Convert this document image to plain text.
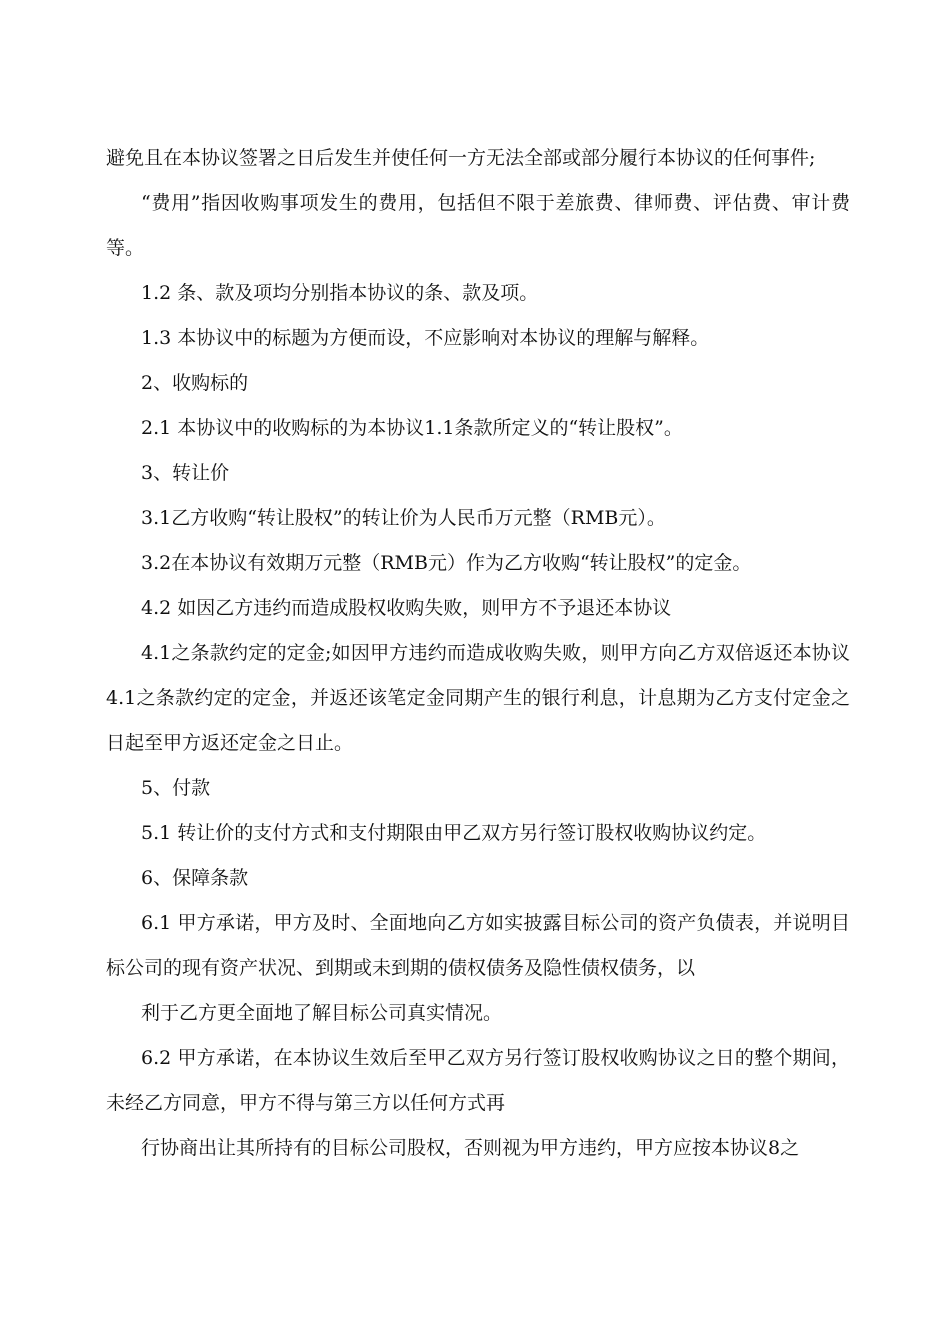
避免且在本协议签署之日后发生并使任何一方无法全部或部分履行本协议的任何事件;

“费用”指因收购事项发生的费用，包括但不限于差旅费、律师费、评估费、审计费等。

1.2 条、款及项均分别指本协议的条、款及项。

1.3 本协议中的标题为方便而设，不应影响对本协议的理解与解释。

2、收购标的

2.1 本协议中的收购标的为本协议1.1条款所定义的“转让股权”。

3、转让价

3.1乙方收购“转让股权”的转让价为人民币万元整（RMB元）。

3.2在本协议有效期万元整（RMB元）作为乙方收购“转让股权”的定金。

4.2 如因乙方违约而造成股权收购失败，则甲方不予退还本协议

4.1之条款约定的定金;如因甲方违约而造成收购失败，则甲方向乙方双倍返还本协议4.1之条款约定的定金，并返还该笔定金同期产生的银行利息，计息期为乙方支付定金之日起至甲方返还定金之日止。

5、付款

5.1 转让价的支付方式和支付期限由甲乙双方另行签订股权收购协议约定。

6、保障条款

6.1 甲方承诺，甲方及时、全面地向乙方如实披露目标公司的资产负债表，并说明目标公司的现有资产状况、到期或未到期的债权债务及隐性债权债务，以

利于乙方更全面地了解目标公司真实情况。

6.2 甲方承诺，在本协议生效后至甲乙双方另行签订股权收购协议之日的整个期间，未经乙方同意，甲方不得与第三方以任何方式再

行协商出让其所持有的目标公司股权，否则视为甲方违约，甲方应按本协议8之
